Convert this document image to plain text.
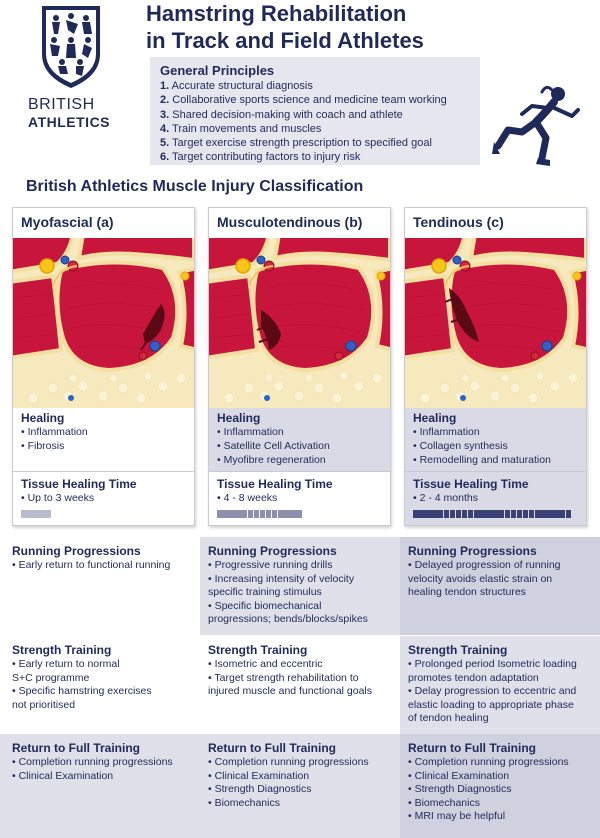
BRITISH
ATHLETICS
Hamstring Rehabilitation
in Track and Field Athletes
General Principles
1. Accurate structural diagnosis
2. Collaborative sports science and medicine team working
3. Shared decision-making with coach and athlete
4. Train movements and muscles
5. Target exercise strength prescription to specified goal
6. Target contributing factors to injury risk
British Athletics Muscle Injury Classification
Myofascial (a)
Healing
• Inflammation
• Fibrosis
Tissue Healing Time
• Up to 3 weeks
Musculotendinous (b)
Healing
• Inflammation
• Satellite Cell Activation
• Myofibre regeneration
Tissue Healing Time
• 4 - 8 weeks
Tendinous (c)
Healing
• Inflammation
• Collagen synthesis
• Remodelling and maturation
Tissue Healing Time
• 2 - 4 months
Running Progressions
• Early return to functional running
Running Progressions
• Progressive running drills
• Increasing intensity of velocity
specific training stimulus
• Specific biomechanical
progressions; bends/blocks/spikes
Running Progressions
• Delayed progression of running
velocity avoids elastic strain on
healing tendon structures
Strength Training
• Early return to normal
S+C programme
• Specific hamstring exercises
not prioritised
Strength Training
• Isometric and eccentric
• Target strength rehabilitation to
injured muscle and functional goals
Strength Training
• Prolonged period Isometric loading
promotes tendon adaptation
• Delay progression to eccentric and
elastic loading to appropriate phase
of tendon healing
Return to Full Training
• Completion running progressions
• Clinical Examination
Return to Full Training
• Completion running progressions
• Clinical Examination
• Strength Diagnostics
• Biomechanics
Return to Full Training
• Completion running progressions
• Clinical Examination
• Strength Diagnostics
• Biomechanics
• MRI may be helpful
